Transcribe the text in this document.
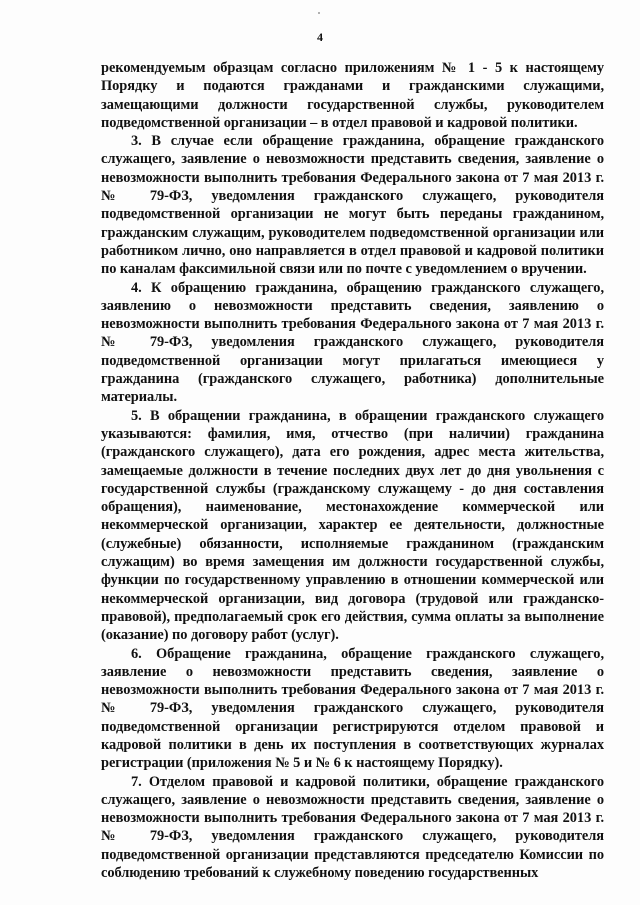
4

рекомендуемым образцам согласно приложениям № 1 - 5 к настоящему Порядку и подаются гражданами и гражданскими служащими, замещающими должности государственной службы, руководителем подведомственной организации – в отдел правовой и кадровой политики.

3. В случае если обращение гражданина, обращение гражданского служащего, заявление о невозможности представить сведения, заявление о невозможности выполнить требования Федерального закона от 7 мая 2013 г. № 79-ФЗ, уведомления гражданского служащего, руководителя подведомственной организации не могут быть переданы гражданином, гражданским служащим, руководителем подведомственной организации или работником лично, оно направляется в отдел правовой и кадровой политики по каналам факсимильной связи или по почте с уведомлением о вручении.

4. К обращению гражданина, обращению гражданского служащего, заявлению о невозможности представить сведения, заявлению о невозможности выполнить требования Федерального закона от 7 мая 2013 г. № 79-ФЗ, уведомления гражданского служащего, руководителя подведомственной организации могут прилагаться имеющиеся у гражданина (гражданского служащего, работника) дополнительные материалы.

5. В обращении гражданина, в обращении гражданского служащего указываются: фамилия, имя, отчество (при наличии) гражданина (гражданского служащего), дата его рождения, адрес места жительства, замещаемые должности в течение последних двух лет до дня увольнения с государственной службы (гражданскому служащему - до дня составления обращения), наименование, местонахождение коммерческой или некоммерческой организации, характер ее деятельности, должностные (служебные) обязанности, исполняемые гражданином (гражданским служащим) во время замещения им должности государственной службы, функции по государственному управлению в отношении коммерческой или некоммерческой организации, вид договора (трудовой или гражданско-правовой), предполагаемый срок его действия, сумма оплаты за выполнение (оказание) по договору работ (услуг).

6. Обращение гражданина, обращение гражданского служащего, заявление о невозможности представить сведения, заявление о невозможности выполнить требования Федерального закона от 7 мая 2013 г. № 79-ФЗ, уведомления гражданского служащего, руководителя подведомственной организации регистрируются отделом правовой и кадровой политики в день их поступления в соответствующих журналах регистрации (приложения № 5 и № 6 к настоящему Порядку).

7. Отделом правовой и кадровой политики, обращение гражданского служащего, заявление о невозможности представить сведения, заявление о невозможности выполнить требования Федерального закона от 7 мая 2013 г. № 79-ФЗ, уведомления гражданского служащего, руководителя подведомственной организации представляются председателю Комиссии по соблюдению требований к служебному поведению государственных
